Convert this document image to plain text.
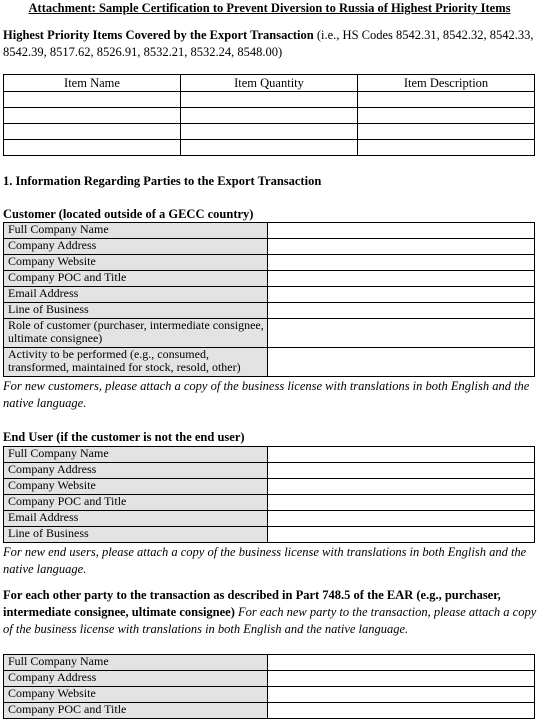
Attachment: Sample Certification to Prevent Diversion to Russia of Highest Priority Items
Highest Priority Items Covered by the Export Transaction (i.e., HS Codes 8542.31, 8542.32, 8542.33, 8542.39, 8517.62, 8526.91, 8532.21, 8532.24, 8548.00)
Item Name	Item Quantity	Item Description

1. Information Regarding Parties to the Export Transaction
Customer (located outside of a GECC country)
Full Company Name	
Company Address	
Company Website	
Company POC and Title	
Email Address	
Line of Business	
Role of customer (purchaser, intermediate consignee, ultimate consignee)	
Activity to be performed (e.g., consumed, transformed, maintained for stock, resold, other)	
For new customers, please attach a copy of the business license with translations in both English and the native language.
End User (if the customer is not the end user)
Full Company Name	
Company Address	
Company Website	
Company POC and Title	
Email Address	
Line of Business	
For new end users, please attach a copy of the business license with translations in both English and the native language.
For each other party to the transaction as described in Part 748.5 of the EAR (e.g., purchaser, intermediate consignee, ultimate consignee) For each new party to the transaction, please attach a copy of the business license with translations in both English and the native language.
Full Company Name	
Company Address	
Company Website	
Company POC and Title	
